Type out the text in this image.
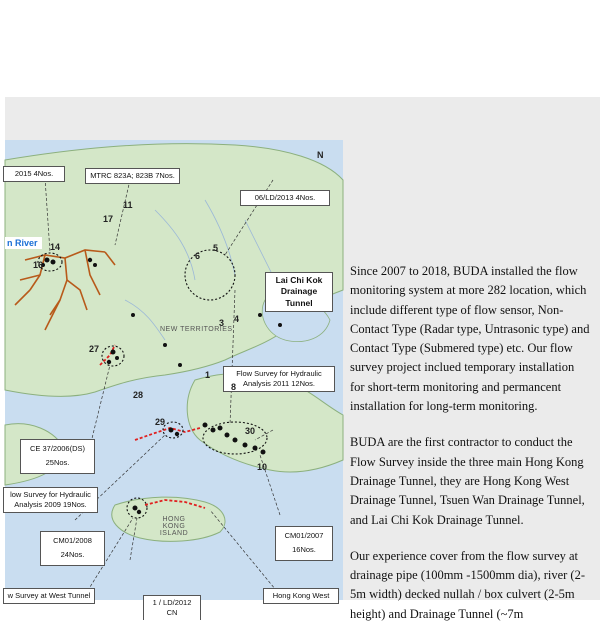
N
2015 4Nos.	MTRC 823A; 823B 7Nos.
06/LD/2013 4Nos.
n River
Lai Chi Kok Drainage Tunnel
Flow Survey for Hydraulic Analysis 2011 12Nos.
CE 37/2006(DS)
25Nos.
low Survey for Hydraulic Analysis 2009 19Nos.
CM01/2008
24Nos.
CM01/2007
16Nos.
w Survey at West Tunnel	Hong Kong West
1 / LD/2012 CN
NEW TERRITORIES
HONG KONG ISLAND
17
11
14
16
27
3 4
5
6
1
28
29
30
10
8

Since 2007 to 2018, BUDA installed the flow monitoring system at more 282 location, which include different type of flow sensor, Non-Contact Type (Radar type, Untrasonic type) and Contact Type (Submered type) etc. Our flow survey project inclued temporary installation for short-term monitoring and permancent installation for long-term monitoring.

BUDA are the first contractor to conduct the Flow Survey inside the three main Hong Kong Drainage Tunnel, they are Hong Kong West Drainage Tunnel, Tsuen Wan Drainage Tunnel, and Lai Chi Kok Drainage Tunnel.

Our experience cover from the flow survey at drainage pipe (100mm -1500mm dia), river (2-5m width) decked nullah / box culvert (2-5m height) and Drainage Tunnel (~7m
